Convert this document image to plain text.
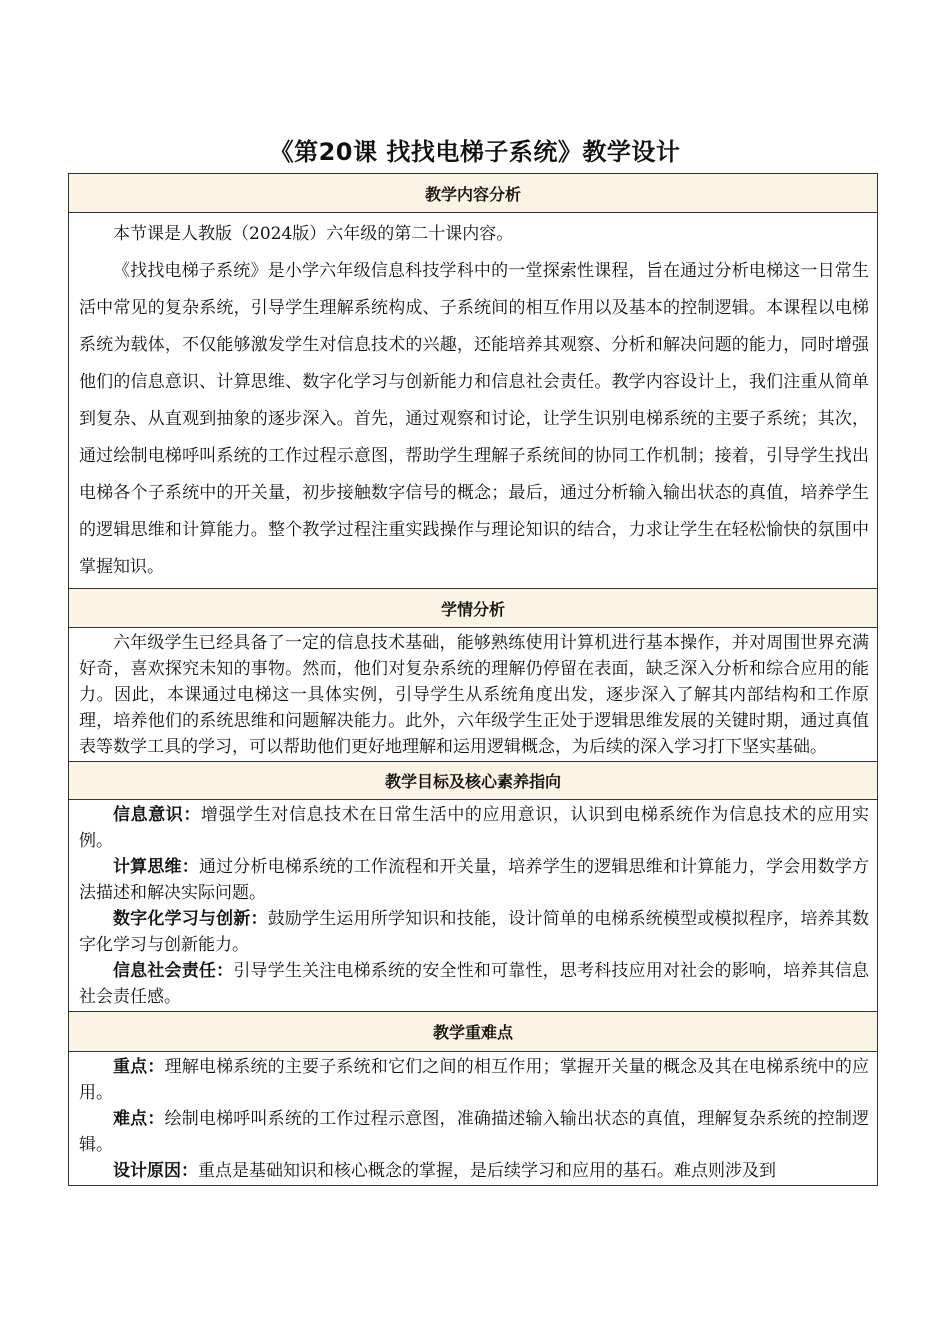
《第20课 找找电梯子系统》教学设计
教学内容分析

本节课是人教版（2024版）六年级的第二十课内容。

《找找电梯子系统》是小学六年级信息科技学科中的一堂探索性课程，旨在通过分析电梯这一日常生活中常见的复杂系统，引导学生理解系统构成、子系统间的相互作用以及基本的控制逻辑。本课程以电梯系统为载体，不仅能够激发学生对信息技术的兴趣，还能培养其观察、分析和解决问题的能力，同时增强他们的信息意识、计算思维、数字化学习与创新能力和信息社会责任。教学内容设计上，我们注重从简单到复杂、从直观到抽象的逐步深入。首先，通过观察和讨论，让学生识别电梯系统的主要子系统；其次，通过绘制电梯呼叫系统的工作过程示意图，帮助学生理解子系统间的协同工作机制；接着，引导学生找出电梯各个子系统中的开关量，初步接触数字信号的概念；最后，通过分析输入输出状态的真值，培养学生的逻辑思维和计算能力。整个教学过程注重实践操作与理论知识的结合，力求让学生在轻松愉快的氛围中掌握知识。

学情分析

六年级学生已经具备了一定的信息技术基础，能够熟练使用计算机进行基本操作，并对周围世界充满好奇，喜欢探究未知的事物。然而，他们对复杂系统的理解仍停留在表面，缺乏深入分析和综合应用的能力。因此，本课通过电梯这一具体实例，引导学生从系统角度出发，逐步深入了解其内部结构和工作原理，培养他们的系统思维和问题解决能力。此外，六年级学生正处于逻辑思维发展的关键时期，通过真值表等数学工具的学习，可以帮助他们更好地理解和运用逻辑概念，为后续的深入学习打下坚实基础。

教学目标及核心素养指向

信息意识：增强学生对信息技术在日常生活中的应用意识，认识到电梯系统作为信息技术的应用实例。

计算思维：通过分析电梯系统的工作流程和开关量，培养学生的逻辑思维和计算能力，学会用数学方法描述和解决实际问题。

数字化学习与创新：鼓励学生运用所学知识和技能，设计简单的电梯系统模型或模拟程序，培养其数字化学习与创新能力。

信息社会责任：引导学生关注电梯系统的安全性和可靠性，思考科技应用对社会的影响，培养其信息社会责任感。

教学重难点

重点：理解电梯系统的主要子系统和它们之间的相互作用；掌握开关量的概念及其在电梯系统中的应用。

难点：绘制电梯呼叫系统的工作过程示意图，准确描述输入输出状态的真值，理解复杂系统的控制逻辑。

设计原因：重点是基础知识和核心概念的掌握，是后续学习和应用的基石。难点则涉及到
